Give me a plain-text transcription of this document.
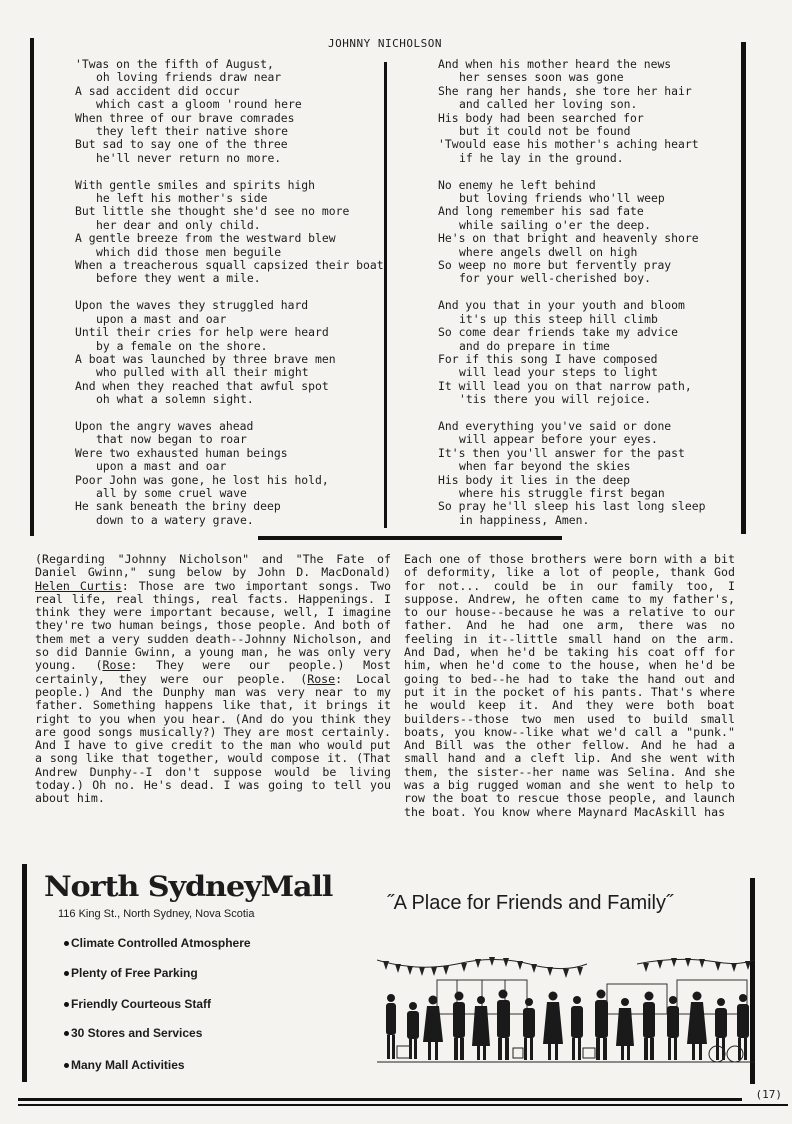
JOHNNY NICHOLSON
'Twas on the fifth of August,
oh loving friends draw near
A sad accident did occur
which cast a gloom 'round here
When three of our brave comrades
they left their native shore
But sad to say one of the three
he'll never return no more.
With gentle smiles and spirits high
he left his mother's side
But little she thought she'd see no more
her dear and only child.
A gentle breeze from the westward blew
which did those men beguile
When a treacherous squall capsized their boat
before they went a mile.
Upon the waves they struggled hard
upon a mast and oar
Until their cries for help were heard
by a female on the shore.
A boat was launched by three brave men
who pulled with all their might
And when they reached that awful spot
oh what a solemn sight.
Upon the angry waves ahead
that now began to roar
Were two exhausted human beings
upon a mast and oar
Poor John was gone, he lost his hold,
all by some cruel wave
He sank beneath the briny deep
down to a watery grave.
And when his mother heard the news
her senses soon was gone
She rang her hands, she tore her hair
and called her loving son.
His body had been searched for
but it could not be found
'Twould ease his mother's aching heart
if he lay in the ground.
No enemy he left behind
but loving friends who'll weep
And long remember his sad fate
while sailing o'er the deep.
He's on that bright and heavenly shore
where angels dwell on high
So weep no more but fervently pray
for your well-cherished boy.
And you that in your youth and bloom
it's up this steep hill climb
So come dear friends take my advice
and do prepare in time
For if this song I have composed
will lead your steps to light
It will lead you on that narrow path,
'tis there you will rejoice.
And everything you've said or done
will appear before your eyes.
It's then you'll answer for the past
when far beyond the skies
His body it lies in the deep
where his struggle first began
So pray he'll sleep his last long sleep
in happiness, Amen.
(Regarding "Johnny Nicholson" and "The Fate of Daniel Gwinn," sung below by John D. MacDonald) Helen Curtis: Those are two important songs. Two real life, real things, real facts. Happenings. I think they were important because, well, I imagine they're two human beings, those people. And both of them met a very sudden death--Johnny Nicholson, and so did Dannie Gwinn, a young man, he was only very young. (Rose: They were our people.) Most certainly, they were our people. (Rose: Local people.) And the Dunphy man was very near to my father. Something happens like that, it brings it right to you when you hear. (And do you think they are good songs musically?) They are most certainly. And I have to give credit to the man who would put a song like that together, would compose it. (That Andrew Dunphy--I don't suppose would be living today.) Oh no. He's dead. I was going to tell you about him.
Each one of those brothers were born with a bit of deformity, like a lot of people, thank God for not... could be in our family too, I suppose. Andrew, he often came to my father's, to our house--because he was a relative to our father. And he had one arm, there was no feeling in it--little small hand on the arm. And Dad, when he'd be taking his coat off for him, when he'd come to the house, when he'd be going to bed--he had to take the hand out and put it in the pocket of his pants. That's where he would keep it. And they were both boat builders--those two men used to build small boats, you know--like what we'd call a "punk." And Bill was the other fellow. And he had a small hand and a cleft lip. And she went with them, the sister--her name was Selina. And she was a big rugged woman and she went to help to row the boat to rescue those people, and launch the boat. You know where Maynard MacAskill has
North SydneyMall
116 King St., North Sydney, Nova Scotia	˝A Place for Friends and Family˝
Climate Controlled Atmosphere
Plenty of Free Parking
Friendly Courteous Staff
30 Stores and Services
Many Mall Activities
(17)
